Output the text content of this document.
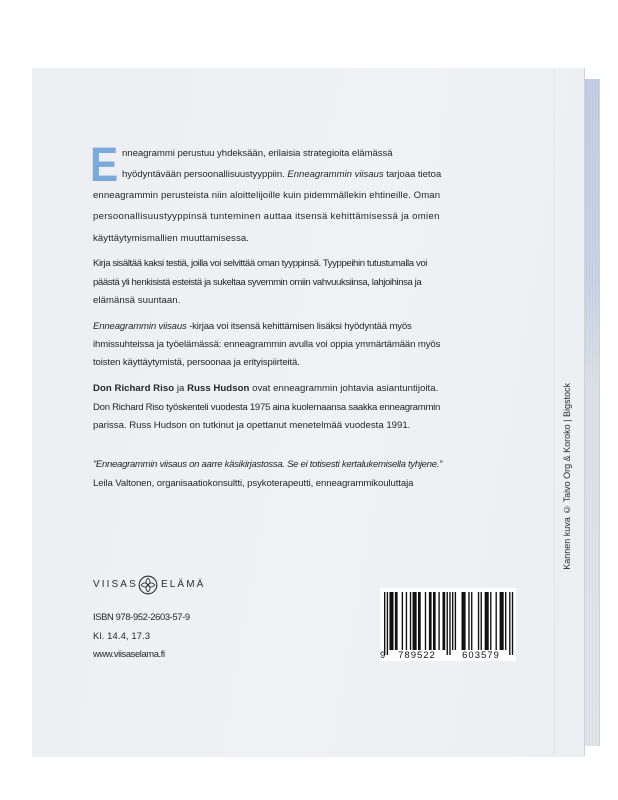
E nneagrammi perustuu yhdeksään, erilaisia strategioita elämässä
hyödyntävään persoonallisuustyyppiin. Enneagrammin viisaus tarjoaa tietoa
enneagrammin perusteista niin aloittelijoille kuin pidemmällekin ehtineille. Oman
persoonallisuustyyppinsä tunteminen auttaa itsensä kehittämisessä ja omien
käyttäytymismallien muuttamisessa.
Kirja sisältää kaksi testiä, joilla voi selvittää oman tyyppinsä. Tyyppeihin tutustumalla voi
päästä yli henkisistä esteistä ja sukeltaa syvemmin omiin vahvuuksiinsa, lahjoihinsa ja
elämänsä suuntaan.
Enneagrammin viisaus -kirjaa voi itsensä kehittämisen lisäksi hyödyntää myös
ihmissuhteissa ja työelämässä: enneagrammin avulla voi oppia ymmärtämään myös
toisten käyttäytymistä, persoonaa ja erityispiirteitä.
Don Richard Riso ja Russ Hudson ovat enneagrammin johtavia asiantuntijoita.
Don Richard Riso työskenteli vuodesta 1975 aina kuolemaansa saakka enneagrammin
parissa. Russ Hudson on tutkinut ja opettanut menetelmää vuodesta 1991.
”Enneagrammin viisaus on aarre käsikirjastossa. Se ei totisesti kertalukemisella tyhjene.”
Leila Valtonen, organisaatiokonsultti, psykoterapeutti, enneagrammikouluttaja
VIISAS ELÄMÄ
ISBN 978-952-2603-57-9
Kl. 14.4, 17.3
www.viisaselama.fi	9	789522	603579
Kannen kuva © Taivo Org & Koroko | Bigstock
